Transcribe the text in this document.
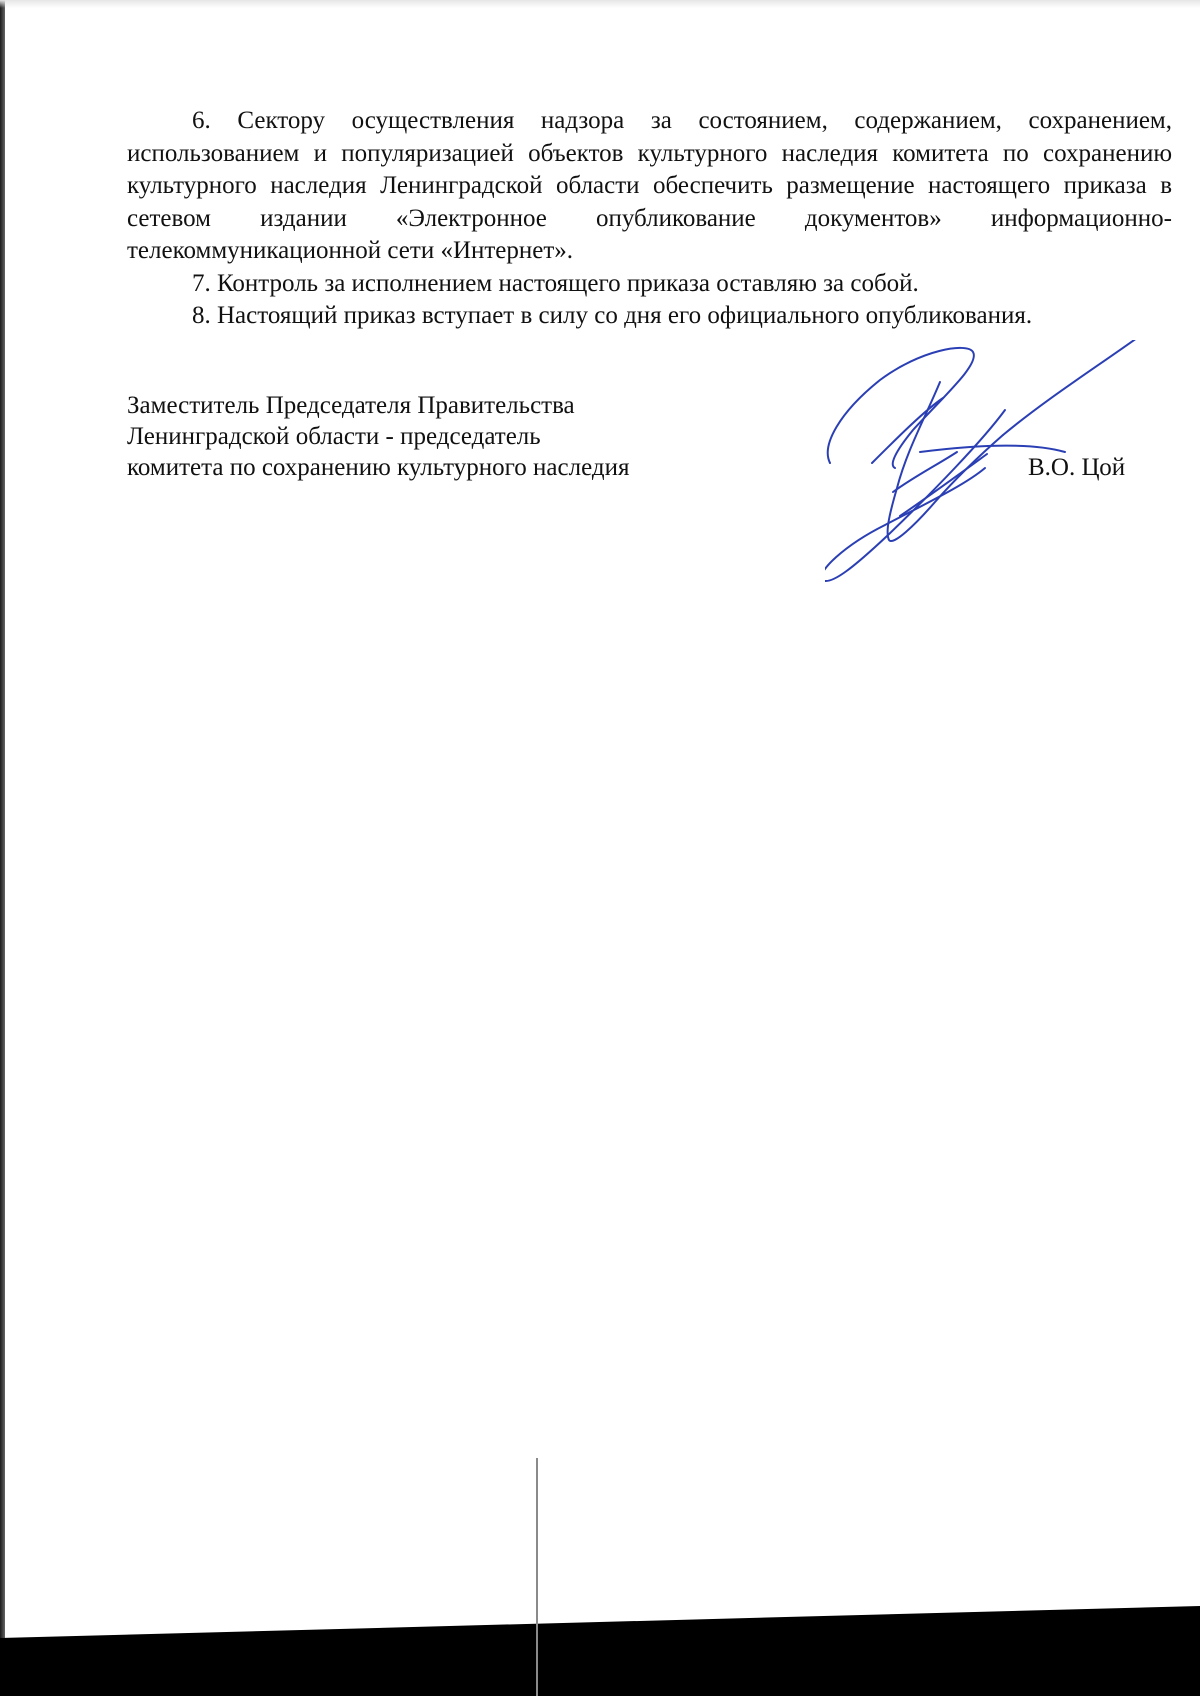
6. Сектору осуществления надзора за состоянием, содержанием, сохранением, использованием и популяризацией объектов культурного наследия комитета по сохранению культурного наследия Ленинградской области обеспечить размещение настоящего приказа в сетевом издании «Электронное опубликование документов» информационно-телекоммуникационной сети «Интернет».

7. Контроль за исполнением настоящего приказа оставляю за собой.

8. Настоящий приказ вступает в силу со дня его официального опубликования.

Заместитель Председателя Правительства
Ленинградской области - председатель
комитета по сохранению культурного наследия	В.О. Цой
